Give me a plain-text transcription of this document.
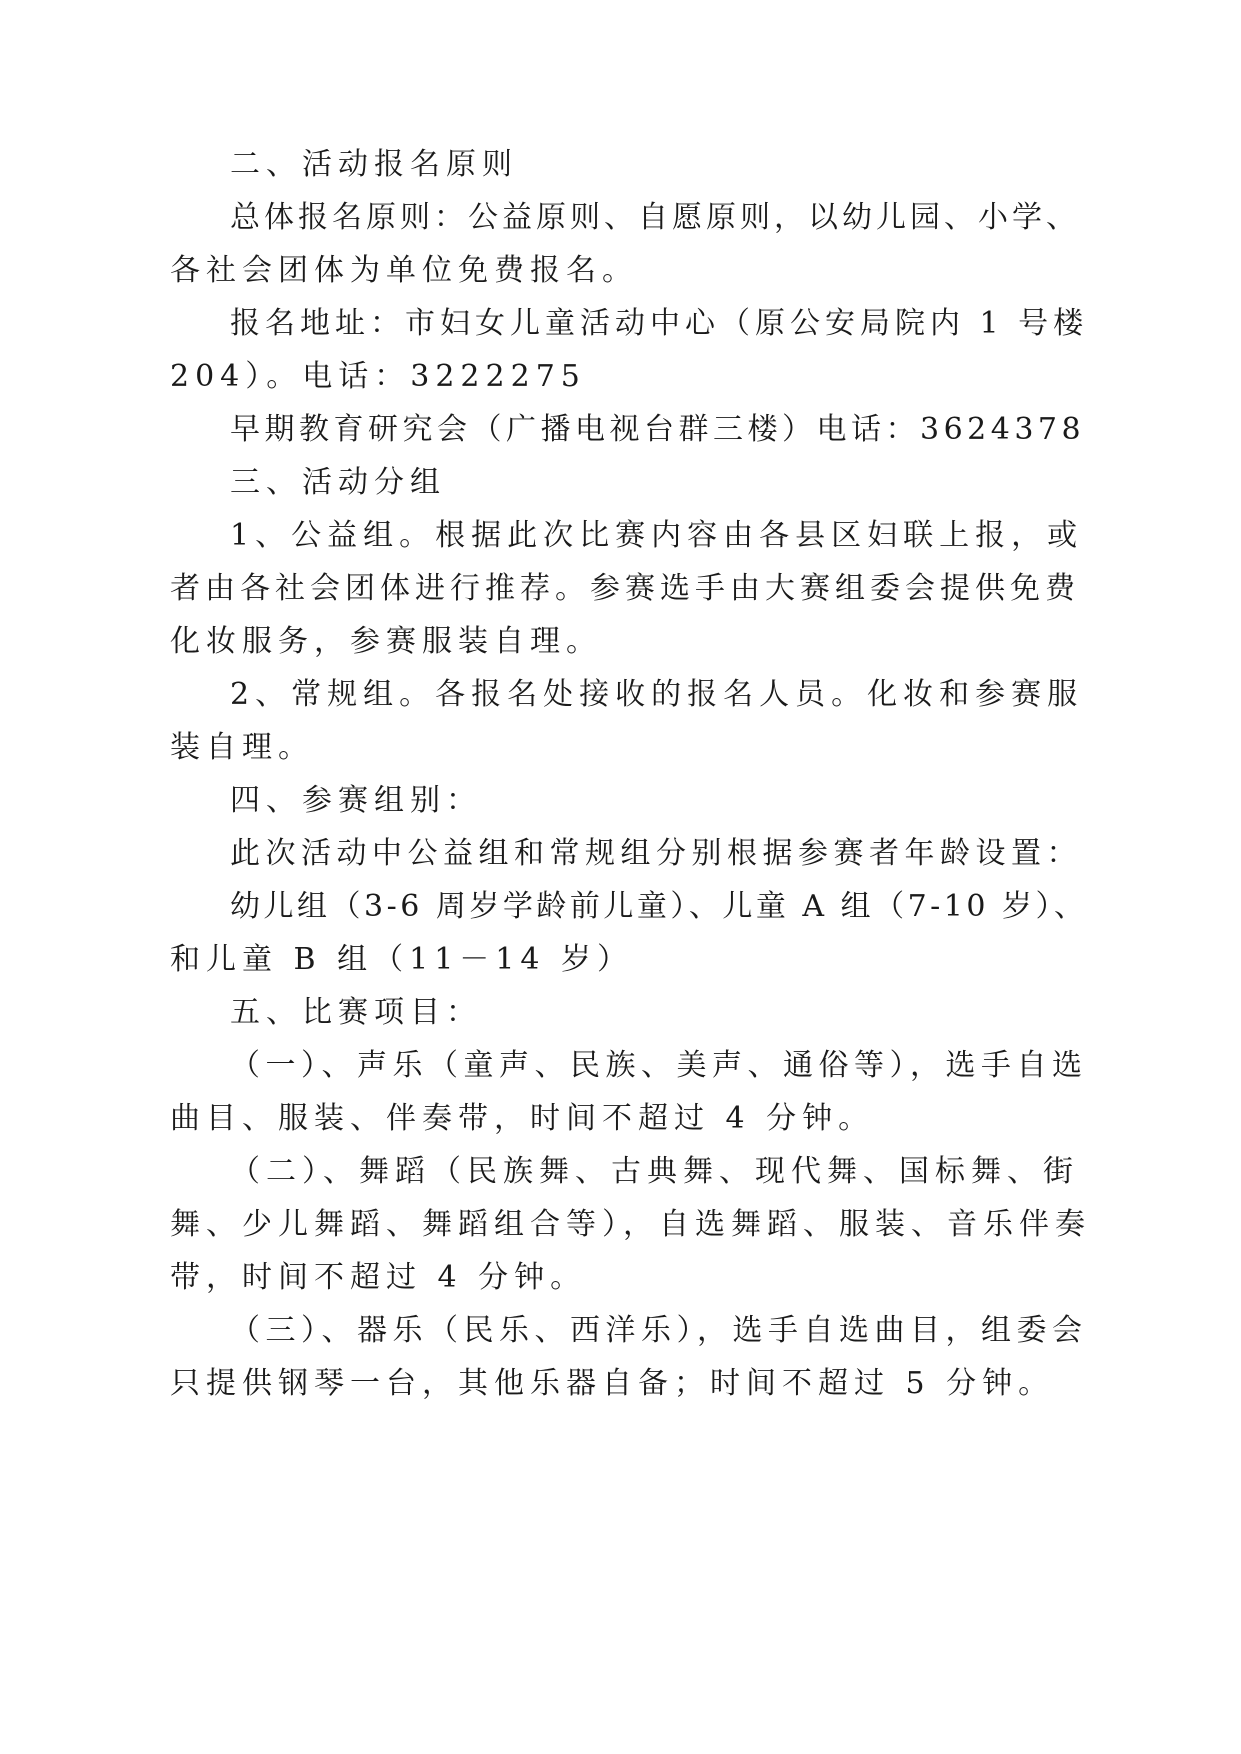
二、活动报名原则

总体报名原则：公益原则、自愿原则，以幼儿园、小学、

各社会团体为单位免费报名。

报名地址：市妇女儿童活动中心（原公安局院内 1 号楼

204）。电话：3222275

早期教育研究会（广播电视台群三楼）电话：3624378

三、活动分组

1、公益组。根据此次比赛内容由各县区妇联上报，或

者由各社会团体进行推荐。参赛选手由大赛组委会提供免费

化妆服务，参赛服装自理。

2、常规组。各报名处接收的报名人员。化妆和参赛服

装自理。

四、参赛组别：

此次活动中公益组和常规组分别根据参赛者年龄设置：

幼儿组（3-6 周岁学龄前儿童）、儿童 A 组（7-10 岁）、

和儿童 B 组（11－14 岁）

五、比赛项目：

（一）、声乐（童声、民族、美声、通俗等），选手自选

曲目、服装、伴奏带，时间不超过 4 分钟。

（二）、舞蹈（民族舞、古典舞、现代舞、国标舞、街

舞、少儿舞蹈、舞蹈组合等），自选舞蹈、服装、音乐伴奏

带，时间不超过 4 分钟。

（三）、器乐（民乐、西洋乐），选手自选曲目，组委会

只提供钢琴一台，其他乐器自备；时间不超过 5 分钟。
